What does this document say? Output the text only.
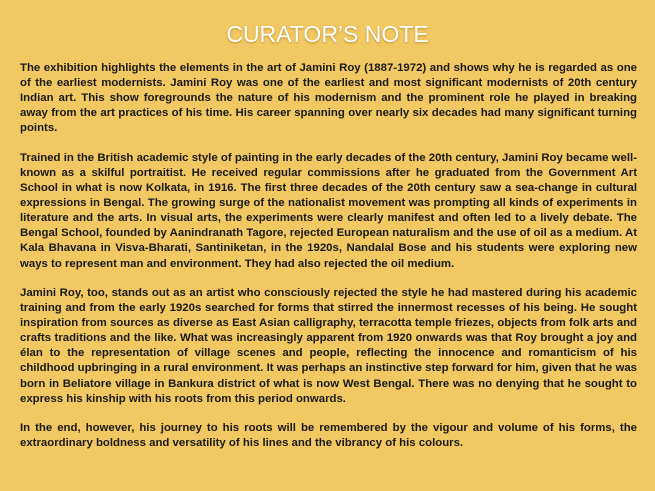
CURATOR’S NOTE

The exhibition highlights the elements in the art of Jamini Roy (1887-1972) and shows why he is regarded as one of the earliest modernists. Jamini Roy was one of the earliest and most significant modernists of 20th century Indian art. This show foregrounds the nature of his modernism and the prominent role he played in breaking away from the art practices of his time. His career spanning over nearly six decades had many significant turning points.

Trained in the British academic style of painting in the early decades of the 20th century, Jamini Roy became well-known as a skilful portraitist. He received regular commissions after he graduated from the Government Art School in what is now Kolkata, in 1916. The first three decades of the 20th century saw a sea-change in cultural expressions in Bengal. The growing surge of the nationalist movement was prompting all kinds of experiments in literature and the arts. In visual arts, the experiments were clearly manifest and often led to a lively debate. The Bengal School, founded by Aanindranath Tagore, rejected European naturalism and the use of oil as a medium. At Kala Bhavana in Visva-Bharati, Santiniketan, in the 1920s, Nandalal Bose and his students were exploring new ways to represent man and environment. They had also rejected the oil medium.

Jamini Roy, too, stands out as an artist who consciously rejected the style he had mastered during his academic training and from the early 1920s searched for forms that stirred the innermost recesses of his being. He sought inspiration from sources as diverse as East Asian calligraphy, terracotta temple friezes, objects from folk arts and crafts traditions and the like. What was increasingly apparent from 1920 onwards was that Roy brought a joy and élan to the representation of village scenes and people, reflecting the innocence and romanticism of his childhood upbringing in a rural environment. It was perhaps an instinctive step forward for him, given that he was born in Beliatore village in Bankura district of what is now West Bengal. There was no denying that he sought to express his kinship with his roots from this period onwards.

In the end, however, his journey to his roots will be remembered by the vigour and volume of his forms, the extraordinary boldness and versatility of his lines and the vibrancy of his colours.
